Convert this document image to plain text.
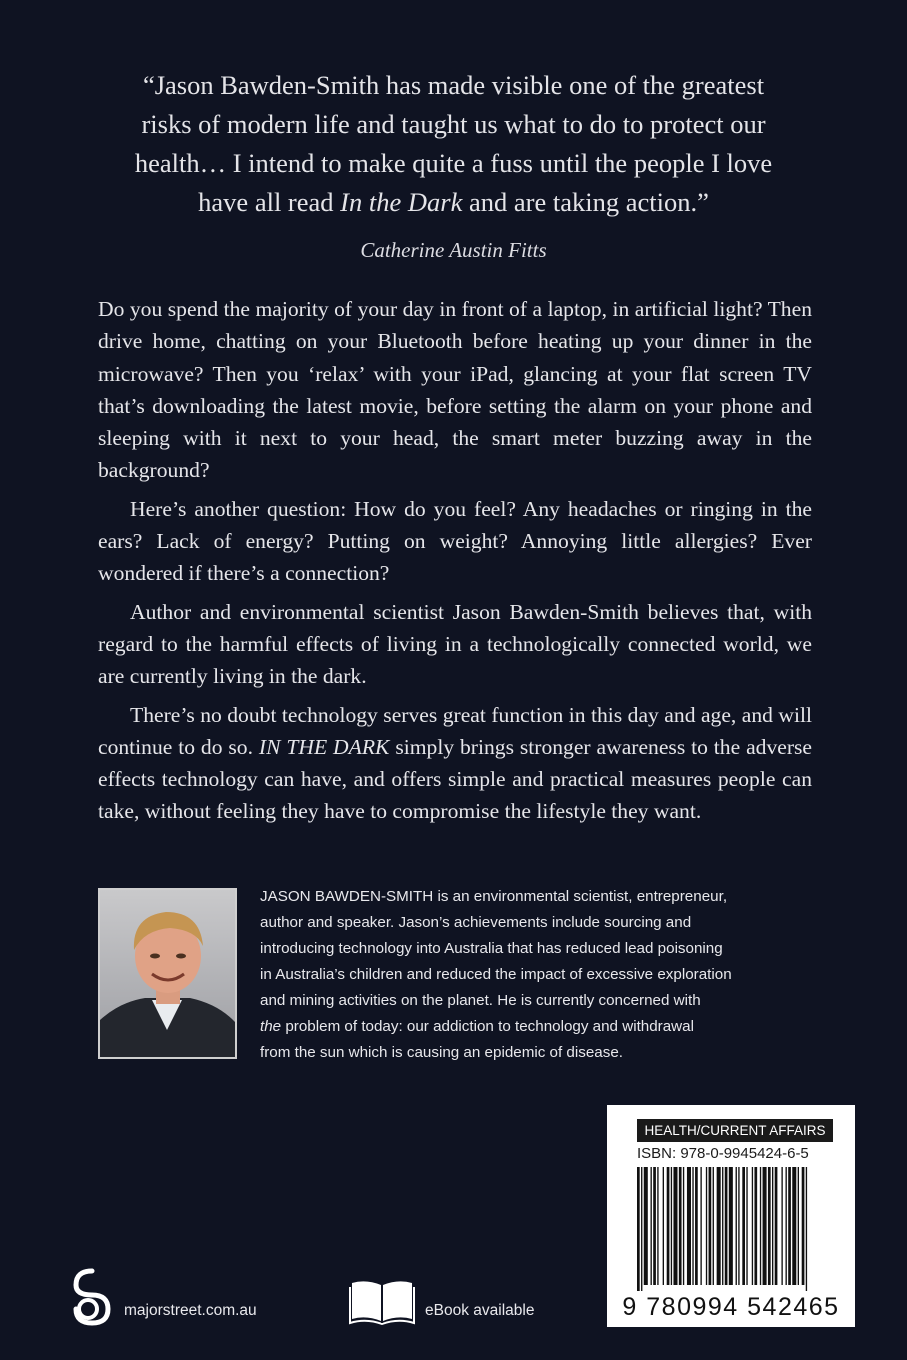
“Jason Bawden-Smith has made visible one of the greatest
risks of modern life and taught us what to do to protect our
health… I intend to make quite a fuss until the people I love
have all read In the Dark and are taking action.”
Catherine Austin Fitts

Do you spend the majority of your day in front of a laptop, in artificial light? Then drive home, chatting on your Bluetooth before heating up your dinner in the microwave? Then you ‘relax’ with your iPad, glancing at your flat screen TV that’s downloading the latest movie, before setting the alarm on your phone and sleeping with it next to your head, the smart meter buzzing away in the background?

Here’s another question: How do you feel? Any headaches or ringing in the ears? Lack of energy? Putting on weight? Annoying little allergies? Ever wondered if there’s a connection?

Author and environmental scientist Jason Bawden-Smith believes that, with regard to the harmful effects of living in a technologically connected world, we are currently living in the dark.

There’s no doubt technology serves great function in this day and age, and will continue to do so. IN THE DARK simply brings stronger awareness to the adverse effects technology can have, and offers simple and practical measures people can take, without feeling they have to compromise the lifestyle they want.

JASON BAWDEN-SMITH is an environmental scientist, entrepreneur,
author and speaker. Jason’s achievements include sourcing and
introducing technology into Australia that has reduced lead poisoning
in Australia’s children and reduced the impact of excessive exploration
and mining activities on the planet. He is currently concerned with
the problem of today: our addiction to technology and withdrawal
from the sun which is causing an epidemic of disease.
HEALTH/CURRENT AFFAIRS
ISBN: 978-0-9945424-6-5
9 780994 542465
majorstreet.com.au	eBook available
